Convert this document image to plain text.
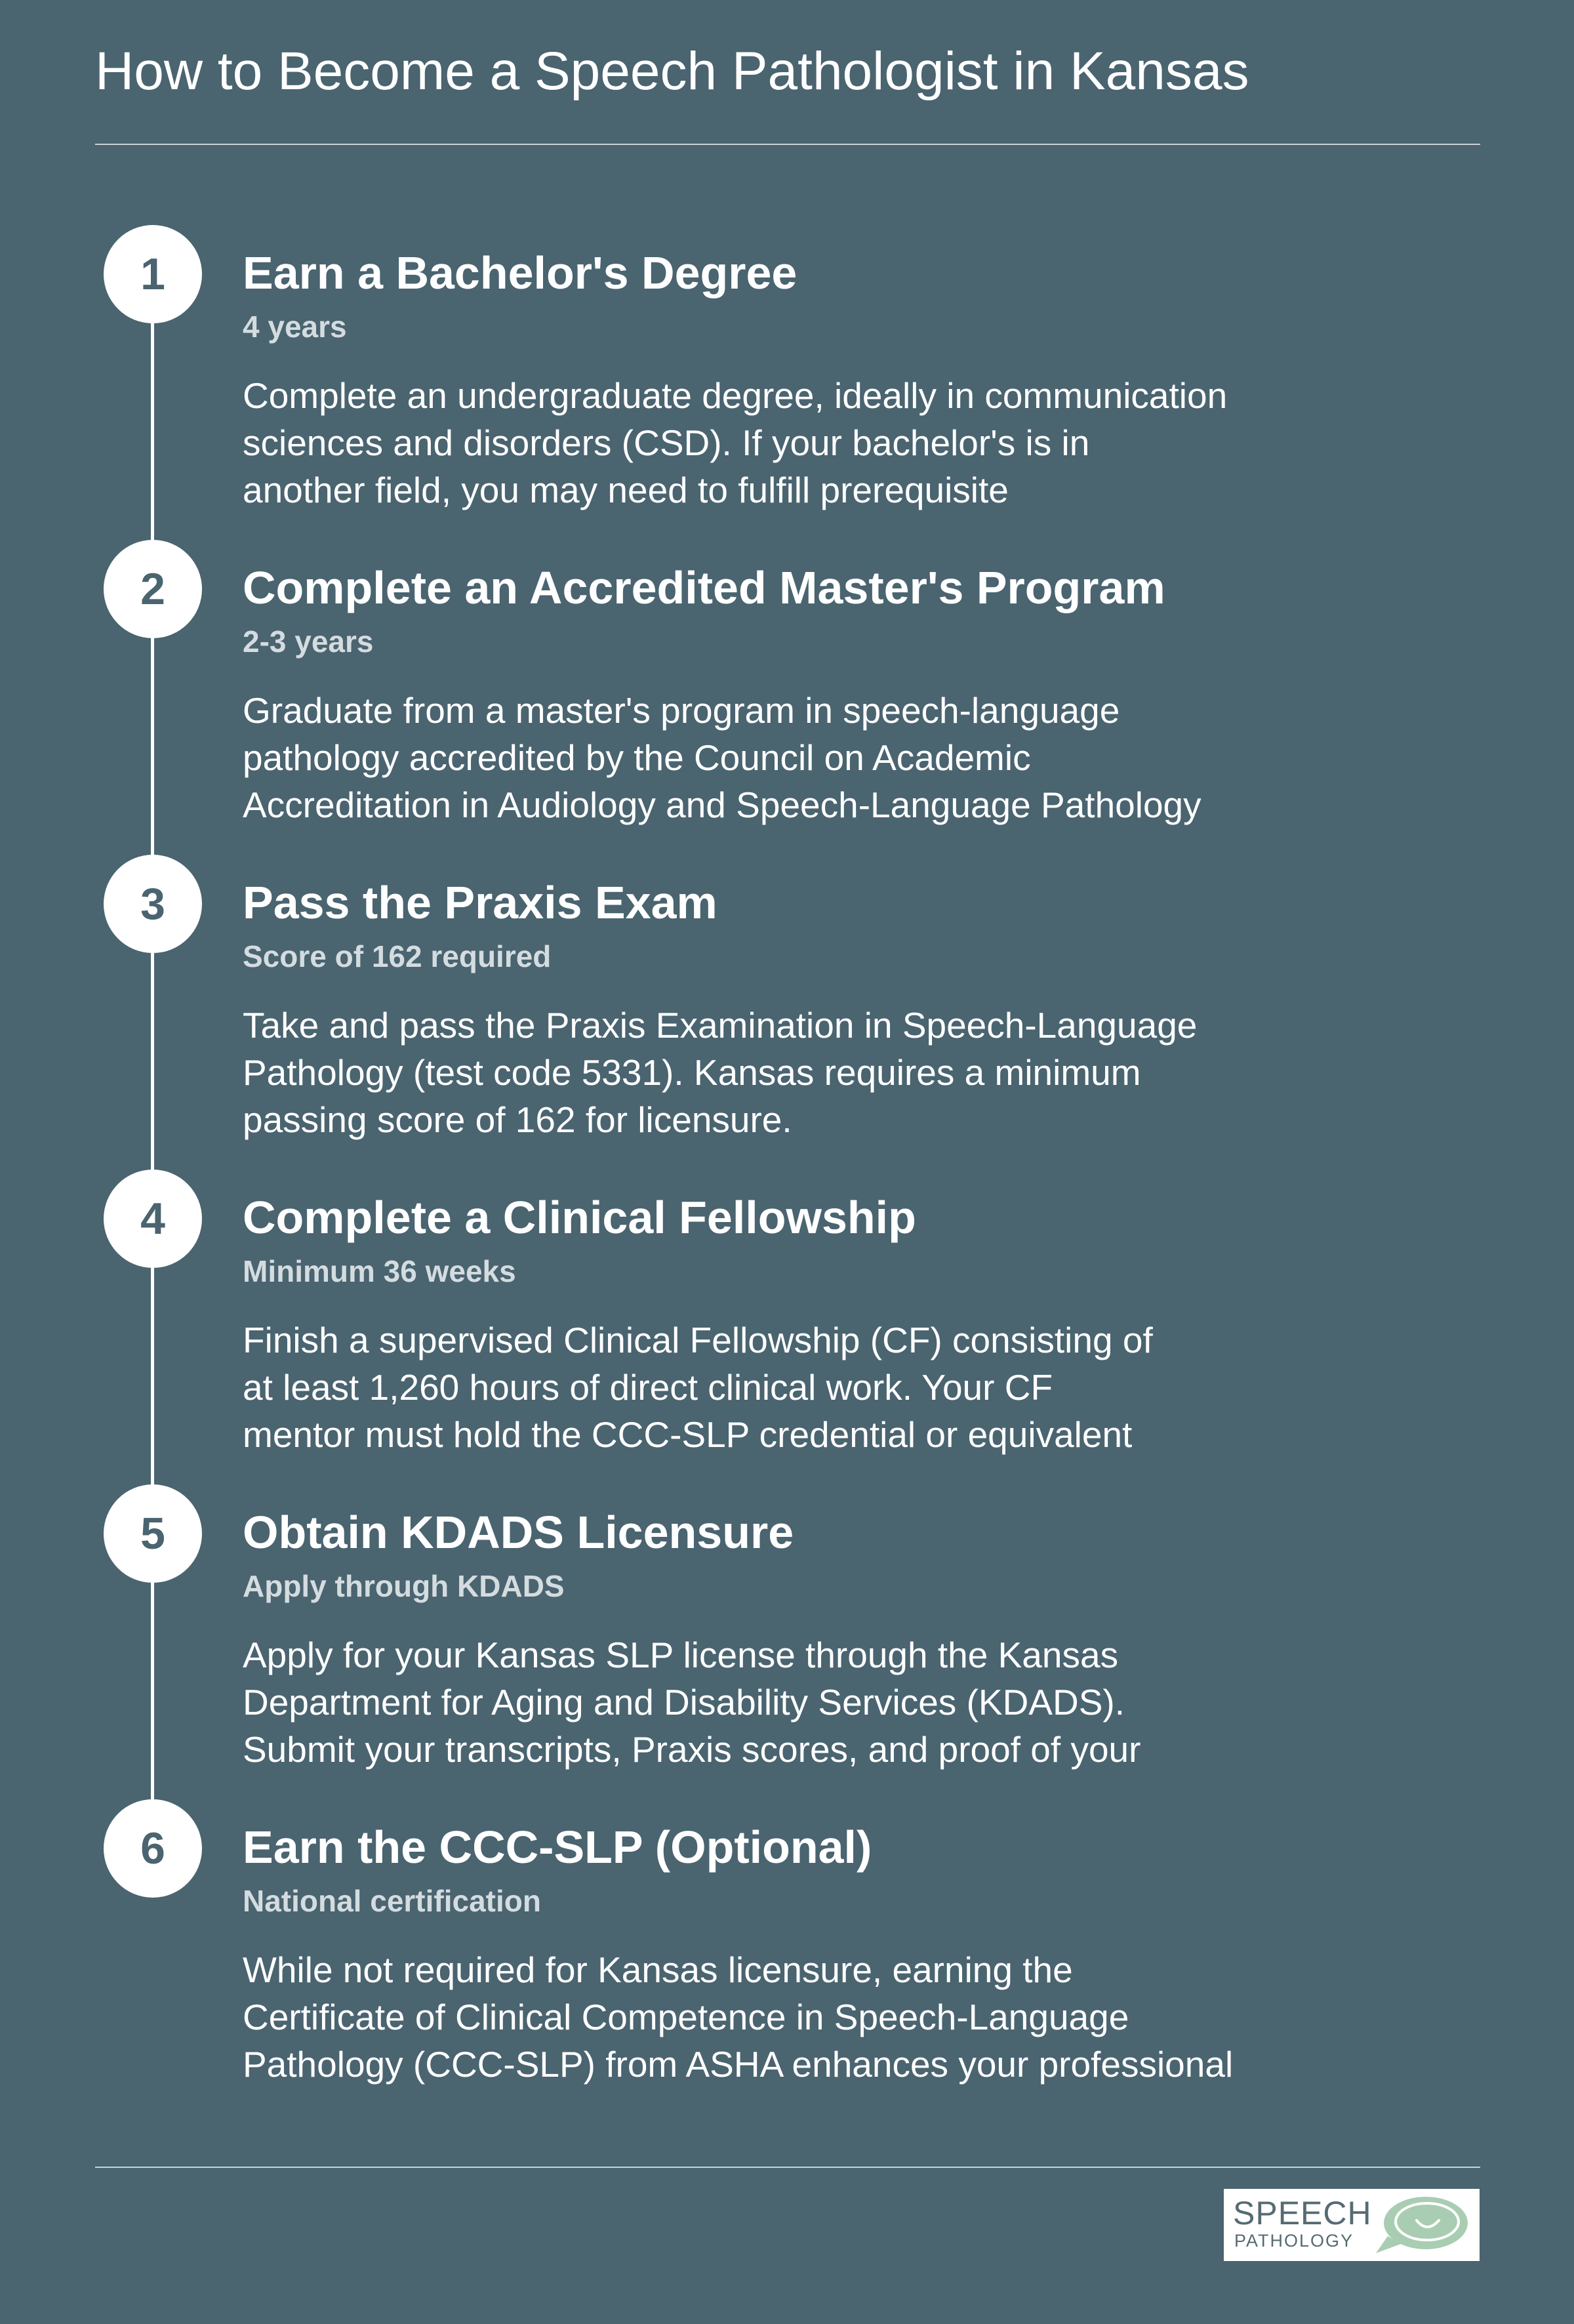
How to Become a Speech Pathologist in Kansas
1	Earn a Bachelor's Degree

4 years

Complete an undergraduate degree, ideally in communication
sciences and disorders (CSD). If your bachelor's is in
another field, you may need to fulfill prerequisite

2	Complete an Accredited Master's Program

2-3 years

Graduate from a master's program in speech-language
pathology accredited by the Council on Academic
Accreditation in Audiology and Speech-Language Pathology

3	Pass the Praxis Exam

Score of 162 required

Take and pass the Praxis Examination in Speech-Language
Pathology (test code 5331). Kansas requires a minimum
passing score of 162 for licensure.

4	Complete a Clinical Fellowship

Minimum 36 weeks

Finish a supervised Clinical Fellowship (CF) consisting of
at least 1,260 hours of direct clinical work. Your CF
mentor must hold the CCC-SLP credential or equivalent

5	Obtain KDADS Licensure

Apply through KDADS

Apply for your Kansas SLP license through the Kansas
Department for Aging and Disability Services (KDADS).
Submit your transcripts, Praxis scores, and proof of your

6	Earn the CCC-SLP (Optional)

National certification

While not required for Kansas licensure, earning the
Certificate of Clinical Competence in Speech-Language
Pathology (CCC-SLP) from ASHA enhances your professional

SPEECH
PATHOLOGY
